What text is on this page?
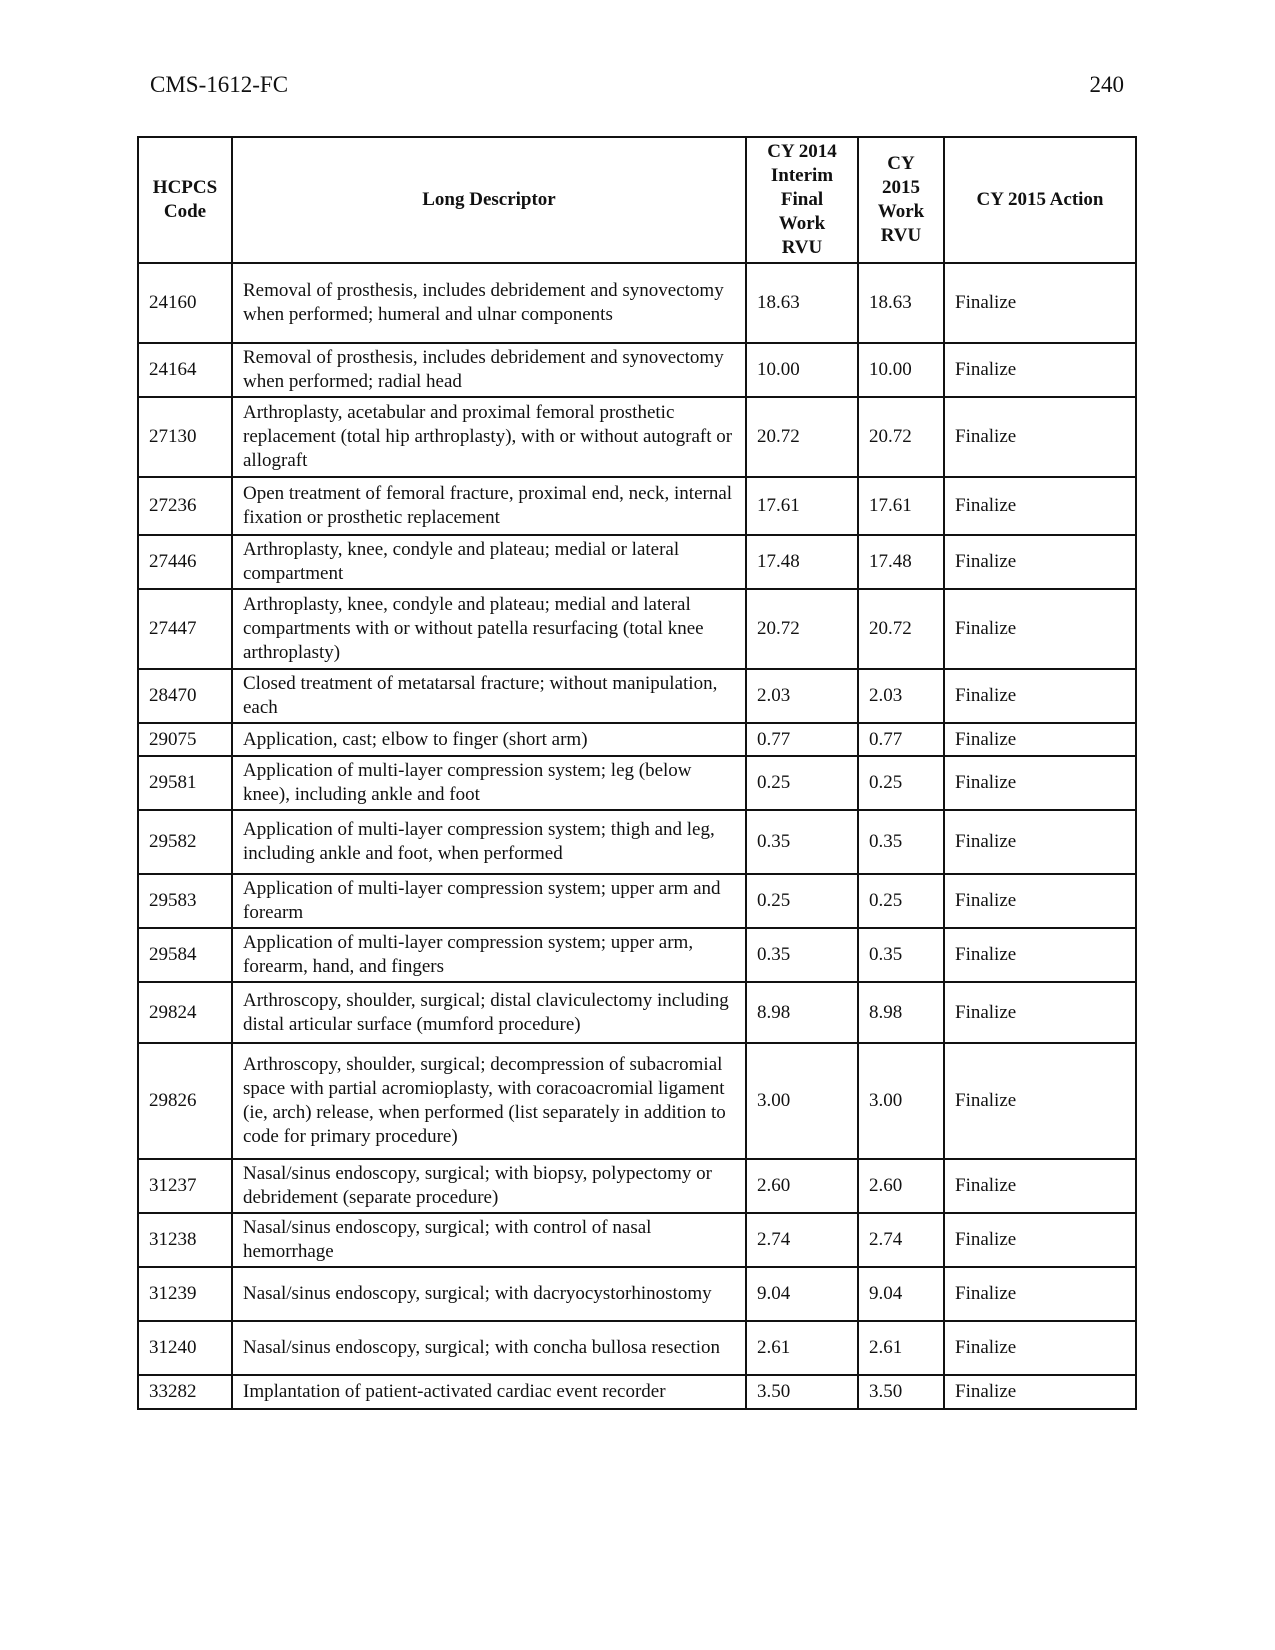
CMS-1612-FC	240
HCPCS
Code	Long Descriptor	CY 2014
Interim
Final
Work
RVU	CY
2015
Work
RVU	CY 2015 Action
24160	Removal of prosthesis, includes debridement and synovectomy when performed; humeral and ulnar components	18.63	18.63	Finalize
24164	Removal of prosthesis, includes debridement and synovectomy when performed; radial head	10.00	10.00	Finalize
27130	Arthroplasty, acetabular and proximal femoral prosthetic replacement (total hip arthroplasty), with or without autograft or allograft	20.72	20.72	Finalize
27236	Open treatment of femoral fracture, proximal end, neck, internal fixation or prosthetic replacement	17.61	17.61	Finalize
27446	Arthroplasty, knee, condyle and plateau; medial or lateral compartment	17.48	17.48	Finalize
27447	Arthroplasty, knee, condyle and plateau; medial and lateral compartments with or without patella resurfacing (total knee arthroplasty)	20.72	20.72	Finalize
28470	Closed treatment of metatarsal fracture; without manipulation, each	2.03	2.03	Finalize
29075	Application, cast; elbow to finger (short arm)	0.77	0.77	Finalize
29581	Application of multi-layer compression system; leg (below knee), including ankle and foot	0.25	0.25	Finalize
29582	Application of multi-layer compression system; thigh and leg, including ankle and foot, when performed	0.35	0.35	Finalize
29583	Application of multi-layer compression system; upper arm and forearm	0.25	0.25	Finalize
29584	Application of multi-layer compression system; upper arm, forearm, hand, and fingers	0.35	0.35	Finalize
29824	Arthroscopy, shoulder, surgical; distal claviculectomy including distal articular surface (mumford procedure)	8.98	8.98	Finalize
29826	Arthroscopy, shoulder, surgical; decompression of subacromial space with partial acromioplasty, with coracoacromial ligament (ie, arch) release, when performed (list separately in addition to code for primary procedure)	3.00	3.00	Finalize
31237	Nasal/sinus endoscopy, surgical; with biopsy, polypectomy or debridement (separate procedure)	2.60	2.60	Finalize
31238	Nasal/sinus endoscopy, surgical; with control of nasal hemorrhage	2.74	2.74	Finalize
31239	Nasal/sinus endoscopy, surgical; with dacryocystorhinostomy	9.04	9.04	Finalize
31240	Nasal/sinus endoscopy, surgical; with concha bullosa resection	2.61	2.61	Finalize
33282	Implantation of patient-activated cardiac event recorder	3.50	3.50	Finalize
